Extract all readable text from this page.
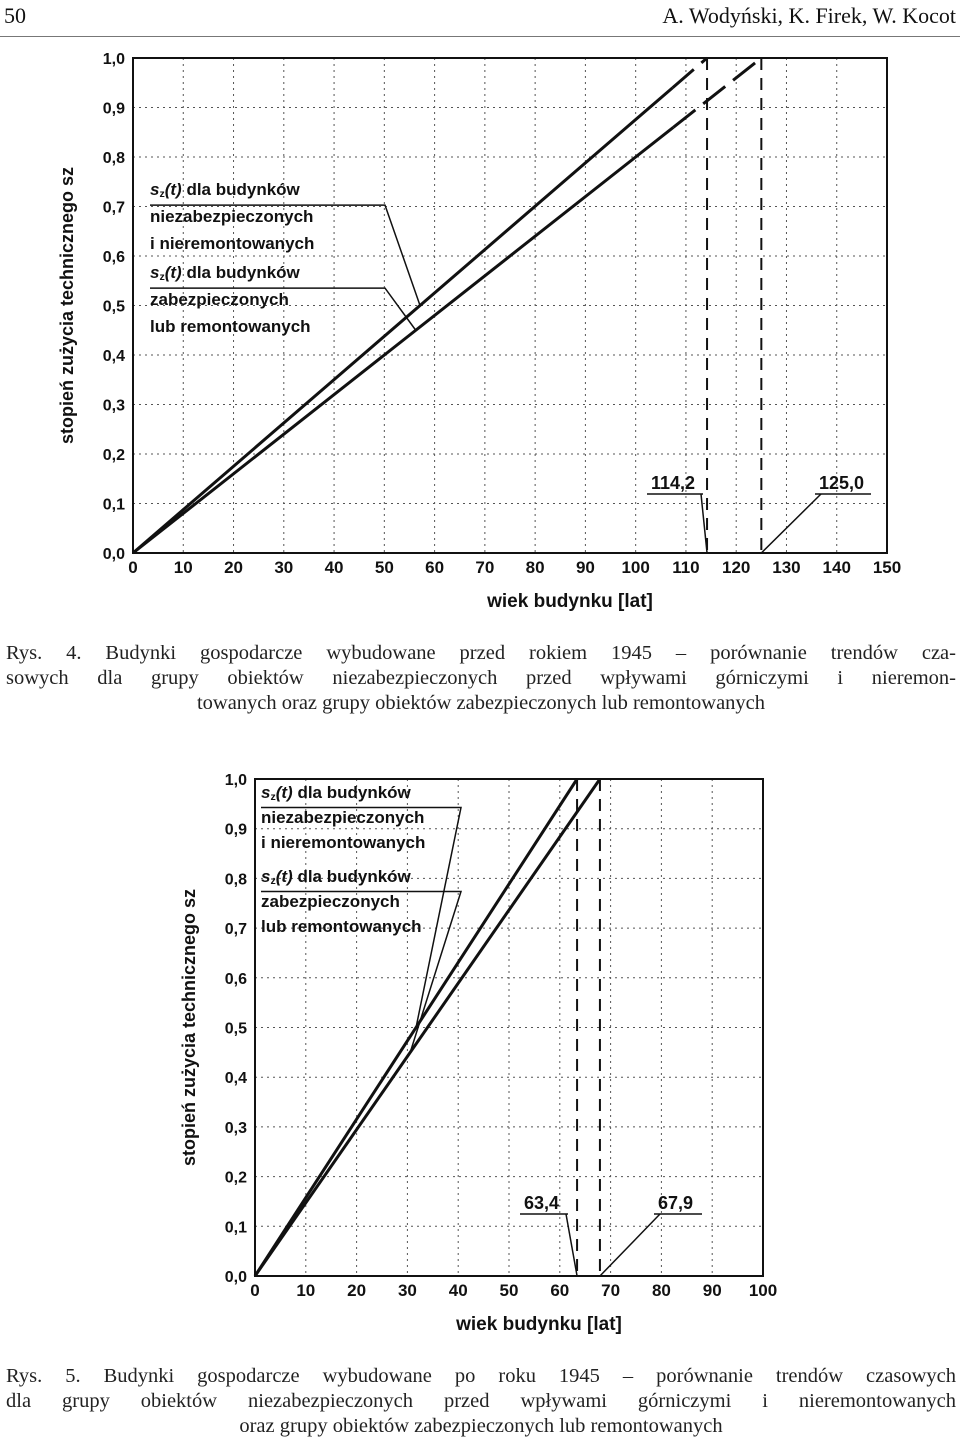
50	A. Wodyński, K. Firek, W. Kocot
0 10 20 30 40 50 60 70 80 90 100 110 120 130 140 150
0,0
0,1
0,2
0,3
0,4
0,5
0,6
0,7
0,8
0,9
1,0
wiek budynku [lat]
stopień zużycia technicznego sz	sz(t) dla budynków
niezabezpieczonych
i nieremontowanych
sz(t) dla budynków
zabezpieczonych
lub remontowanych
114,2	125,0
Rys. 4. Budynki gospodarcze wybudowane przed rokiem 1945 – porównanie trendów cza-
sowych dla grupy obiektów niezabezpieczonych przed wpływami górniczymi i nieremon-
towanych oraz grupy obiektów zabezpieczonych lub remontowanych
0 10 20 30 40 50 60 70 80 90 100
0,0
0,1
0,2
0,3
0,4
0,5
0,6
0,7
0,8
0,9
1,0
wiek budynku [lat]
stopień zużycia technicznego sz
sz(t) dla budynków
niezabezpieczonych
i nieremontowanych
sz(t) dla budynków
zabezpieczonych
lub remontowanych
63,4	67,9
Rys. 5. Budynki gospodarcze wybudowane po roku 1945 – porównanie trendów czasowych
dla grupy obiektów niezabezpieczonych przed wpływami górniczymi i nieremontowanych
oraz grupy obiektów zabezpieczonych lub remontowanych
